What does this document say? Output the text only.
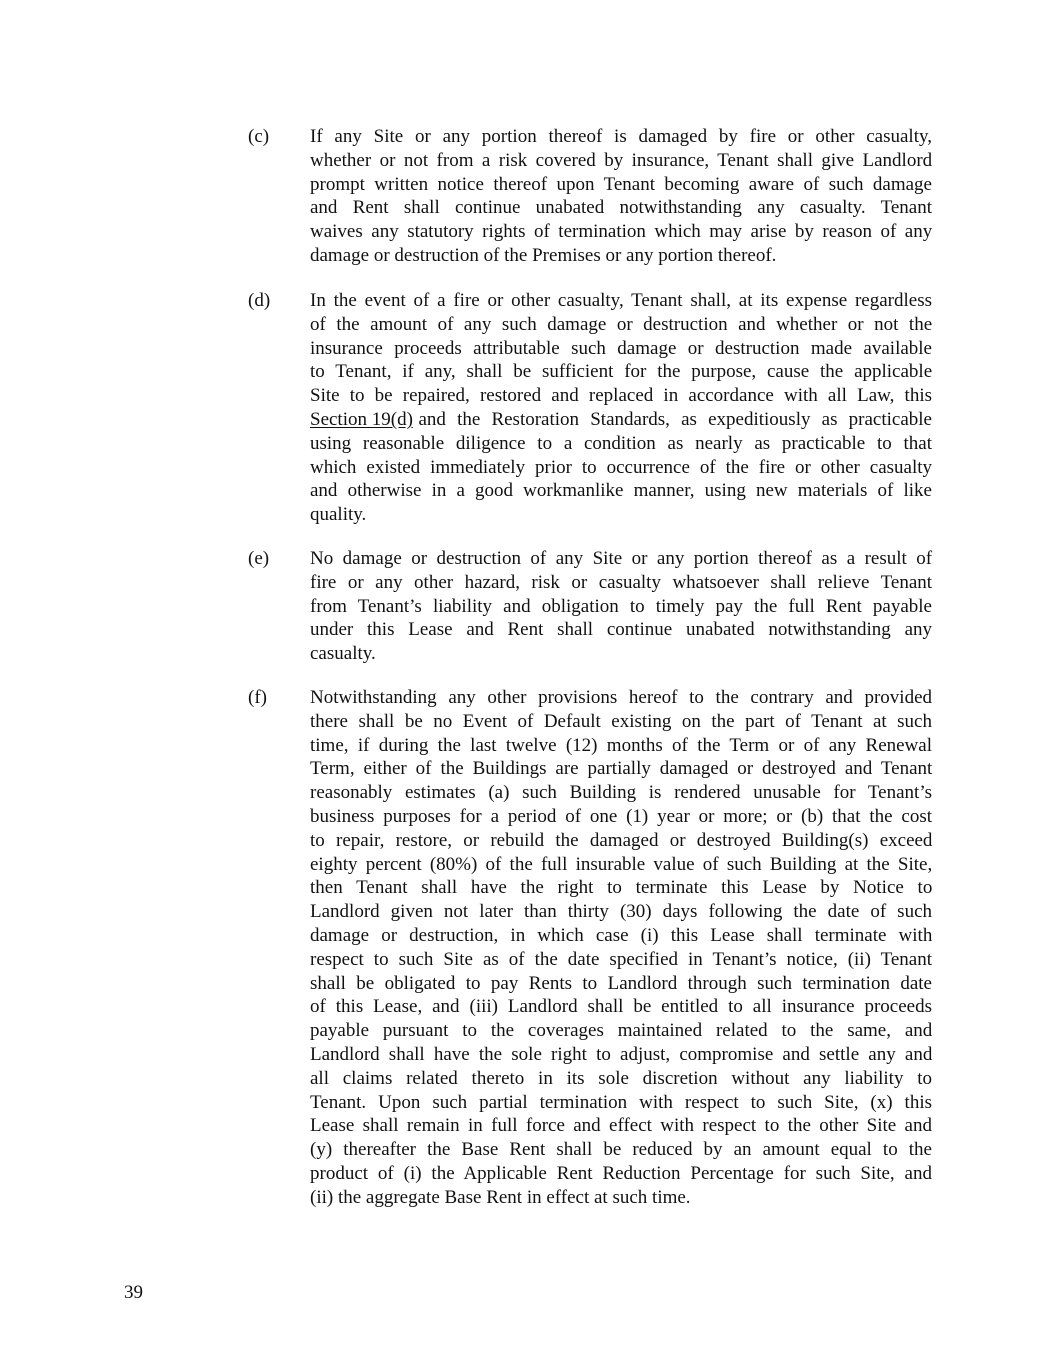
(c) If any Site or any portion thereof is damaged by fire or other casualty,
whether or not from a risk covered by insurance, Tenant shall give Landlord
prompt written notice thereof upon Tenant becoming aware of such damage
and Rent shall continue unabated notwithstanding any casualty. Tenant
waives any statutory rights of termination which may arise by reason of any
damage or destruction of the Premises or any portion thereof.
(d) In the event of a fire or other casualty, Tenant shall, at its expense regardless
of the amount of any such damage or destruction and whether or not the
insurance proceeds attributable such damage or destruction made available
to Tenant, if any, shall be sufficient for the purpose, cause the applicable
Site to be repaired, restored and replaced in accordance with all Law, this
Section 19(d) and the Restoration Standards, as expeditiously as practicable
using reasonable diligence to a condition as nearly as practicable to that
which existed immediately prior to occurrence of the fire or other casualty
and otherwise in a good workmanlike manner, using new materials of like
quality.
(e) No damage or destruction of any Site or any portion thereof as a result of
fire or any other hazard, risk or casualty whatsoever shall relieve Tenant
from Tenant’s liability and obligation to timely pay the full Rent payable
under this Lease and Rent shall continue unabated notwithstanding any
casualty.
(f) Notwithstanding any other provisions hereof to the contrary and provided
there shall be no Event of Default existing on the part of Tenant at such
time, if during the last twelve (12) months of the Term or of any Renewal
Term, either of the Buildings are partially damaged or destroyed and Tenant
reasonably estimates (a) such Building is rendered unusable for Tenant’s
business purposes for a period of one (1) year or more; or (b) that the cost
to repair, restore, or rebuild the damaged or destroyed Building(s) exceed
eighty percent (80%) of the full insurable value of such Building at the Site,
then Tenant shall have the right to terminate this Lease by Notice to
Landlord given not later than thirty (30) days following the date of such
damage or destruction, in which case (i) this Lease shall terminate with
respect to such Site as of the date specified in Tenant’s notice, (ii) Tenant
shall be obligated to pay Rents to Landlord through such termination date
of this Lease, and (iii) Landlord shall be entitled to all insurance proceeds
payable pursuant to the coverages maintained related to the same, and
Landlord shall have the sole right to adjust, compromise and settle any and
all claims related thereto in its sole discretion without any liability to
Tenant. Upon such partial termination with respect to such Site, (x) this
Lease shall remain in full force and effect with respect to the other Site and
(y) thereafter the Base Rent shall be reduced by an amount equal to the
product of (i) the Applicable Rent Reduction Percentage for such Site, and
(ii) the aggregate Base Rent in effect at such time.
39
